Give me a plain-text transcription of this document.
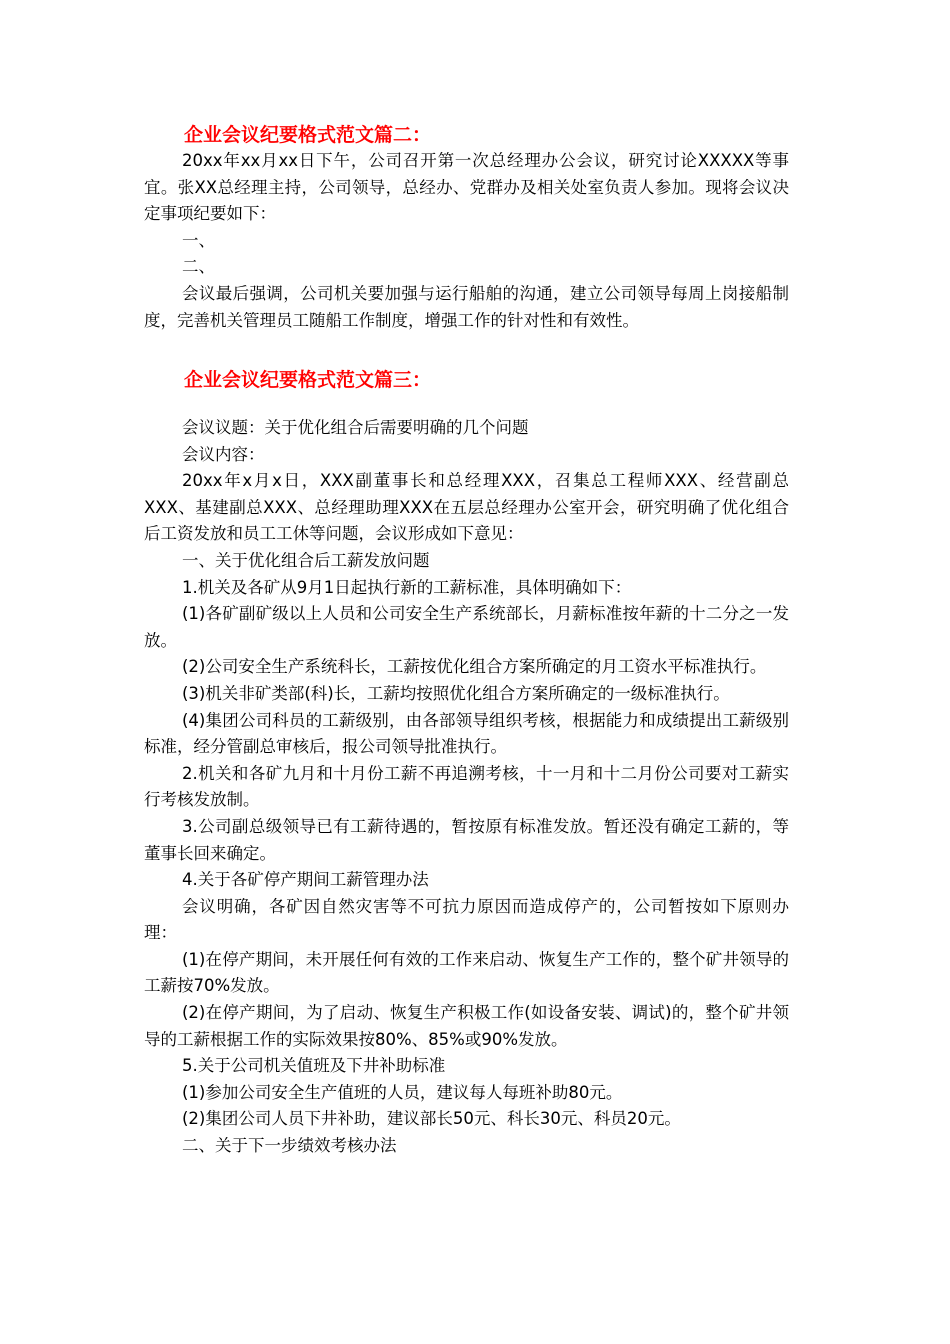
企业会议纪要格式范文篇二：

20xx年xx月xx日下午，公司召开第一次总经理办公会议，研究讨论XXXXX等事宜。张XX总经理主持，公司领导，总经办、党群办及相关处室负责人参加。现将会议决定事项纪要如下：

一、

二、

会议最后强调，公司机关要加强与运行船舶的沟通，建立公司领导每周上岗接船制度，完善机关管理员工随船工作制度，增强工作的针对性和有效性。

企业会议纪要格式范文篇三：

会议议题：关于优化组合后需要明确的几个问题

会议内容：

20xx年x月x日，XXX副董事长和总经理XXX，召集总工程师XXX、经营副总XXX、基建副总XXX、总经理助理XXX在五层总经理办公室开会，研究明确了优化组合后工资发放和员工工休等问题，会议形成如下意见：

一、关于优化组合后工薪发放问题

1.机关及各矿从9月1日起执行新的工薪标准，具体明确如下：

(1)各矿副矿级以上人员和公司安全生产系统部长，月薪标准按年薪的十二分之一发放。

(2)公司安全生产系统科长，工薪按优化组合方案所确定的月工资水平标准执行。

(3)机关非矿类部(科)长，工薪均按照优化组合方案所确定的一级标准执行。

(4)集团公司科员的工薪级别，由各部领导组织考核，根据能力和成绩提出工薪级别标准，经分管副总审核后，报公司领导批准执行。

2.机关和各矿九月和十月份工薪不再追溯考核，十一月和十二月份公司要对工薪实行考核发放制。

3.公司副总级领导已有工薪待遇的，暂按原有标准发放。暂还没有确定工薪的，等董事长回来确定。

4.关于各矿停产期间工薪管理办法

会议明确，各矿因自然灾害等不可抗力原因而造成停产的，公司暂按如下原则办理：

(1)在停产期间，未开展任何有效的工作来启动、恢复生产工作的，整个矿井领导的工薪按70%发放。

(2)在停产期间，为了启动、恢复生产积极工作(如设备安装、调试)的，整个矿井领导的工薪根据工作的实际效果按80%、85%或90%发放。

5.关于公司机关值班及下井补助标准

(1)参加公司安全生产值班的人员，建议每人每班补助80元。

(2)集团公司人员下井补助，建议部长50元、科长30元、科员20元。

二、关于下一步绩效考核办法
